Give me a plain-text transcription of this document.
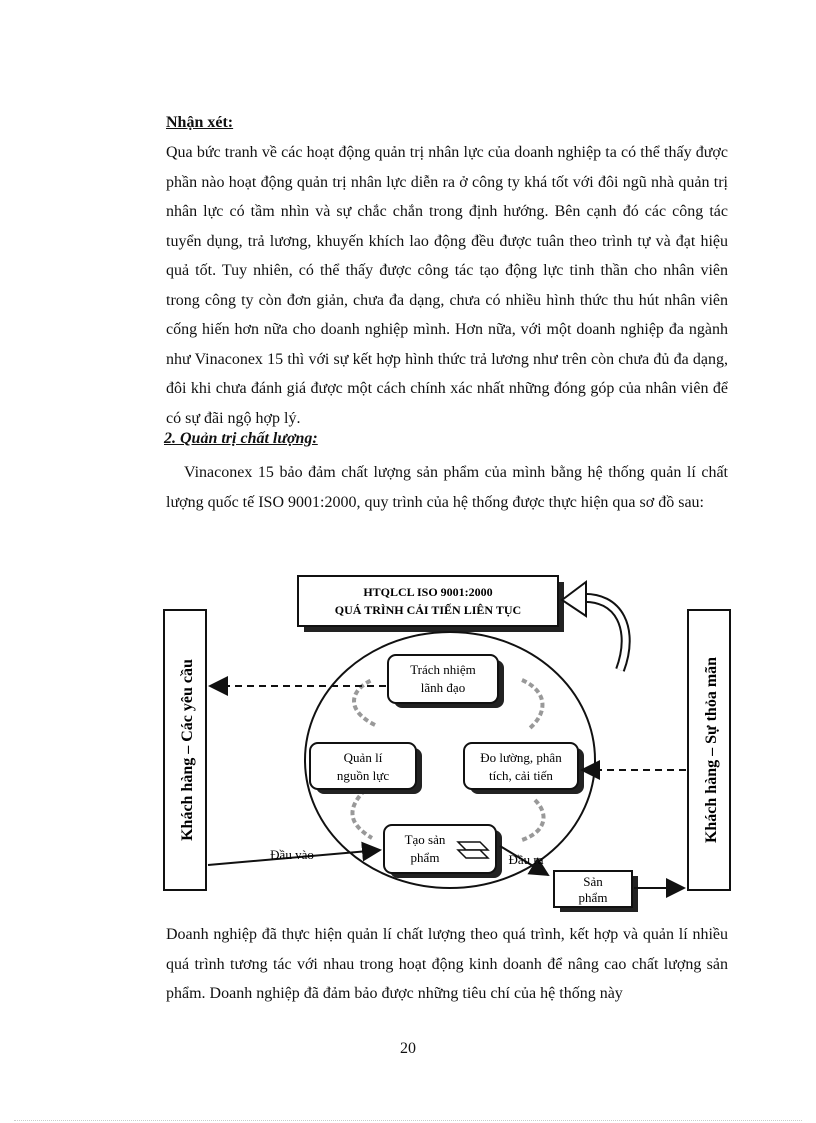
Nhận xét:
Qua bức tranh về các hoạt động quản trị nhân lực của doanh nghiệp ta có thể thấy được phần nào hoạt động quản trị nhân lực diễn ra ở công ty khá tốt với đôi ngũ nhà quản trị nhân lực có tầm nhìn và sự chắc chắn trong định hướng. Bên cạnh đó các công tác tuyển dụng, trả lương, khuyến khích lao động đều được tuân theo trình tự và đạt hiệu quả tốt. Tuy nhiên, có thể thấy được công tác tạo động lực tinh thần cho nhân viên trong công ty còn đơn giản, chưa đa dạng, chưa có nhiều hình thức thu hút nhân viên cống hiến hơn nữa cho doanh nghiệp mình. Hơn nữa, với một doanh nghiệp đa ngành như Vinaconex 15 thì với sự kết hợp hình thức trả lương như trên còn chưa đủ đa dạng, đôi khi chưa đánh giá được một cách chính xác nhất những đóng góp của nhân viên để có sự đãi ngộ hợp lý.
2. Quản trị chất lượng:
Vinaconex 15 bảo đảm chất lượng sản phẩm của mình bằng hệ thống quản lí chất lượng quốc tế ISO 9001:2000, quy trình của hệ thống được thực hiện qua sơ đồ sau:
HTQLCL ISO 9001:2000
QUÁ TRÌNH CẢI TIẾN LIÊN TỤC
Khách hàng – Các yêu cầu	Khách hàng – Sự thỏa mãn
Trách nhiệm
lãnh đạo
Quản lí
nguồn lực
Đo lường, phân
tích, cải tiến
Tạo sản
phẩm
Đầu vào	Đầu ra
Sản
phẩm
Doanh nghiệp đã thực hiện quản lí chất lượng theo quá trình, kết hợp và quản lí nhiều quá trình tương tác với nhau trong hoạt động kinh doanh để nâng cao chất lượng sản phẩm. Doanh nghiệp đã đảm bảo được những tiêu chí của hệ thống này
20
